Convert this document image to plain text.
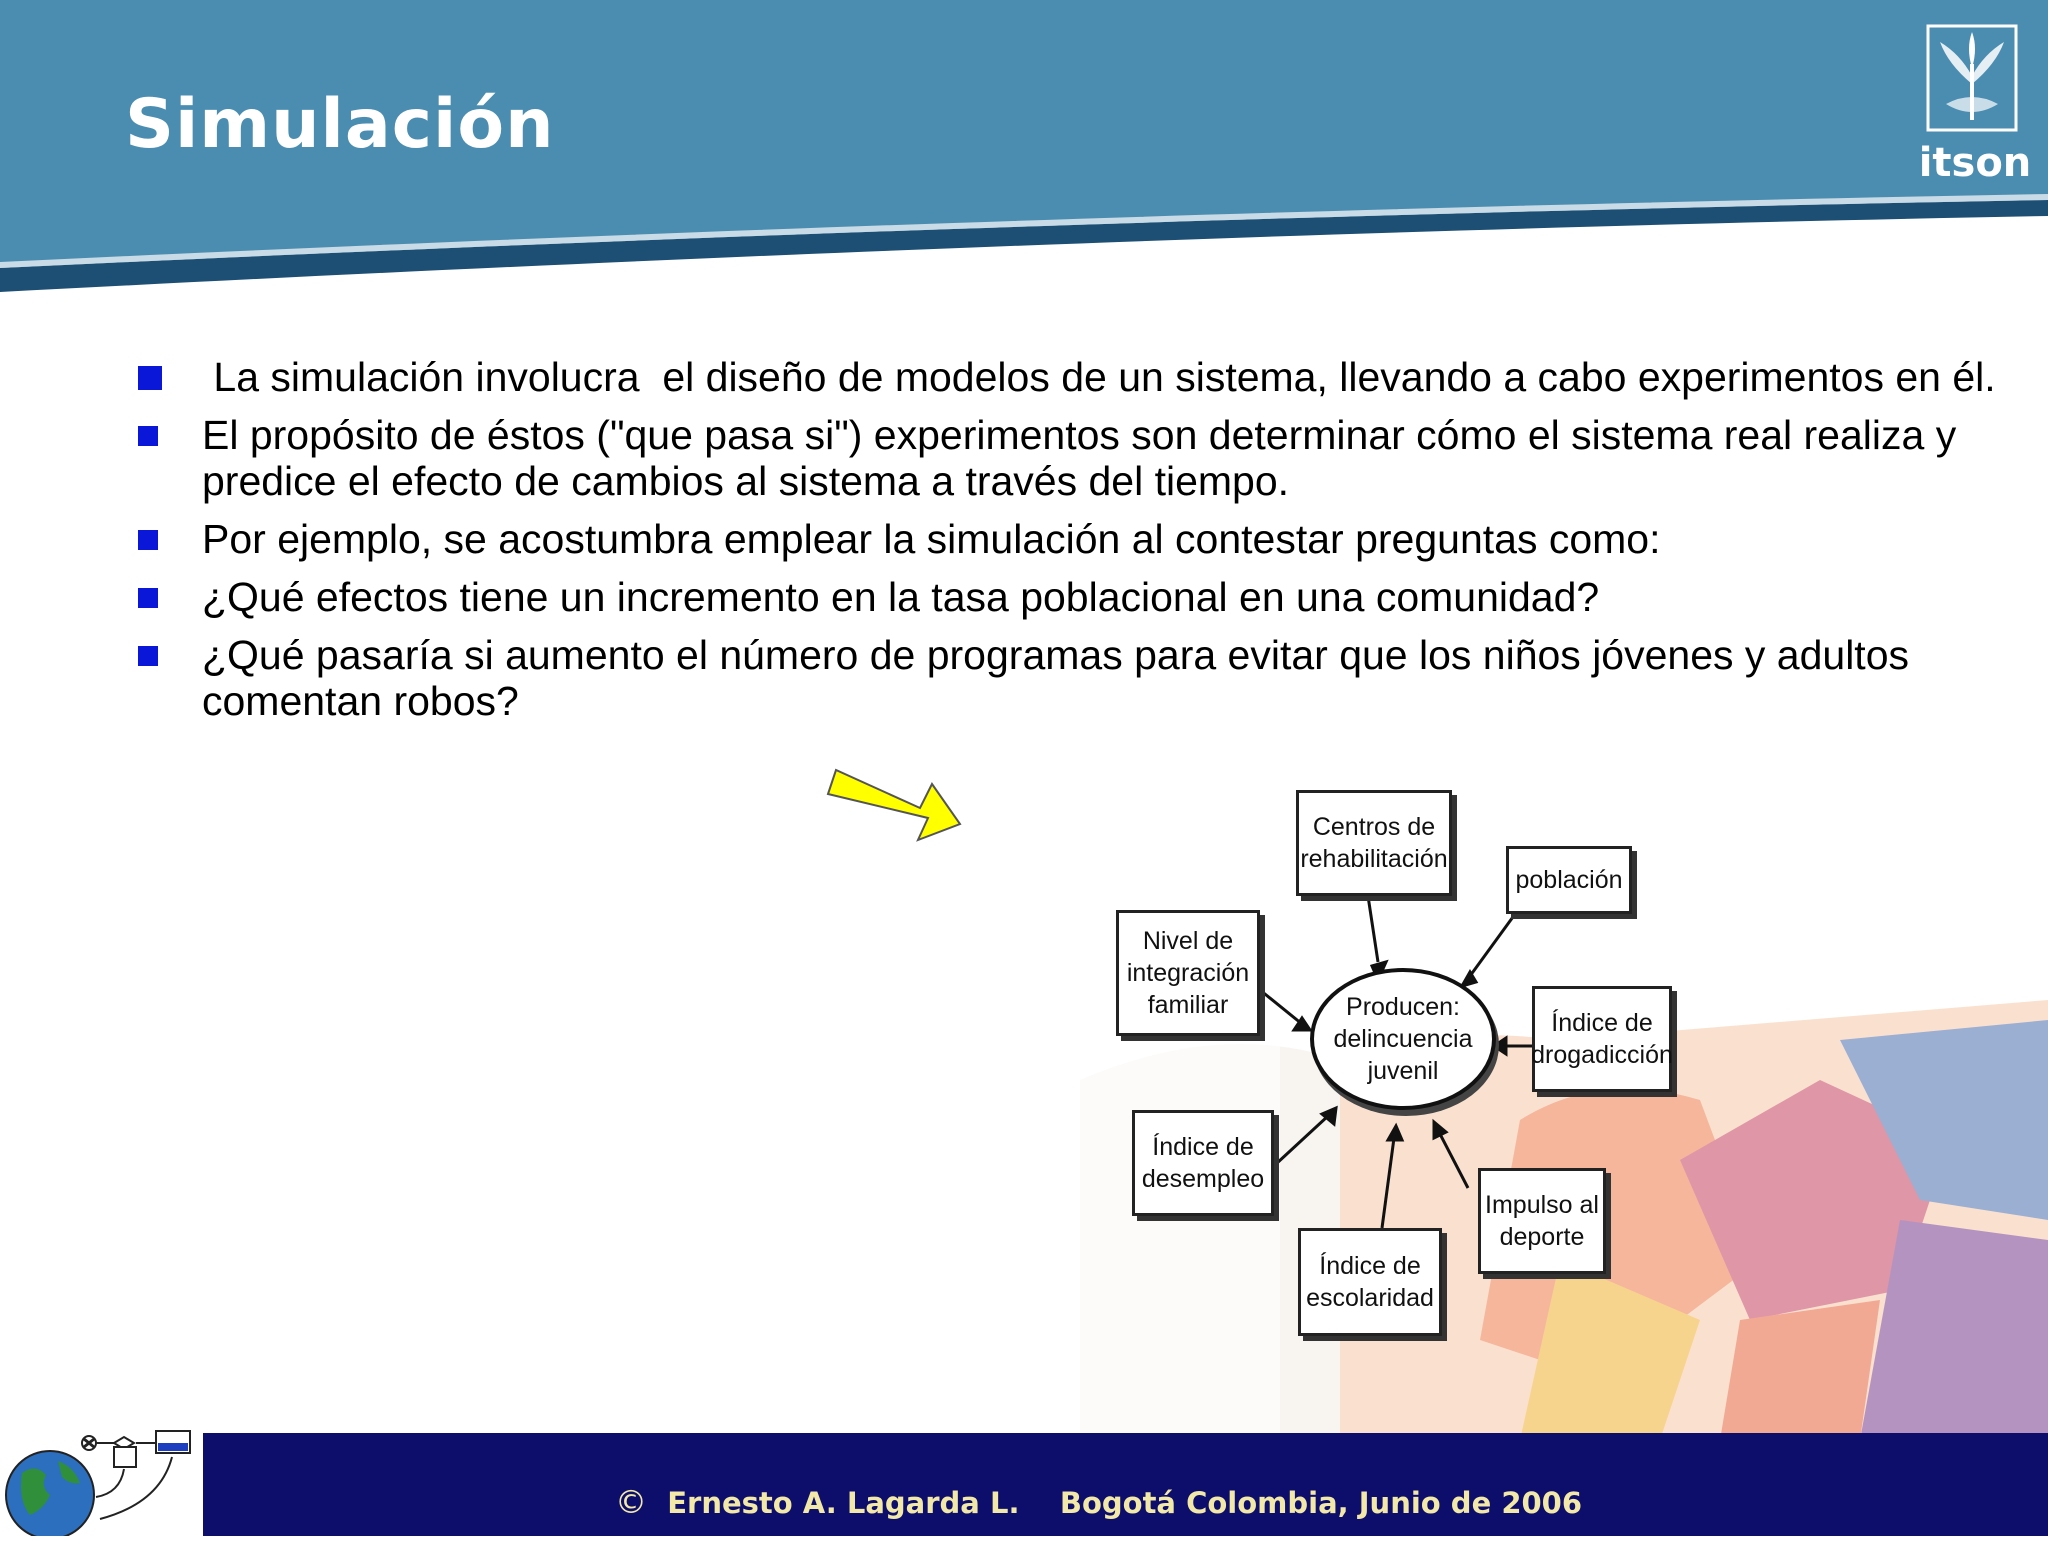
Simulación	itson
La simulación involucra  el diseño de modelos de un sistema, llevando a cabo experimentos en él.
El propósito de éstos ("que pasa si") experimentos son determinar cómo el sistema real realiza y predice el efecto de cambios al sistema a través del tiempo.
Por ejemplo, se acostumbra emplear la simulación al contestar preguntas como:
¿Qué efectos tiene un incremento en la tasa poblacional en una comunidad?
¿Qué pasaría si aumento el número de programas para evitar que los niños jóvenes y adultos comentan robos?
Centros de rehabilitación
población
Nivel de integración familiar
Índice de drogadicción
Índice de desempleo
Impulso al deporte
Índice de escolaridad
Producen: delincuencia juvenil
© Ernesto A. Lagarda L. Bogotá Colombia, Junio de 2006
